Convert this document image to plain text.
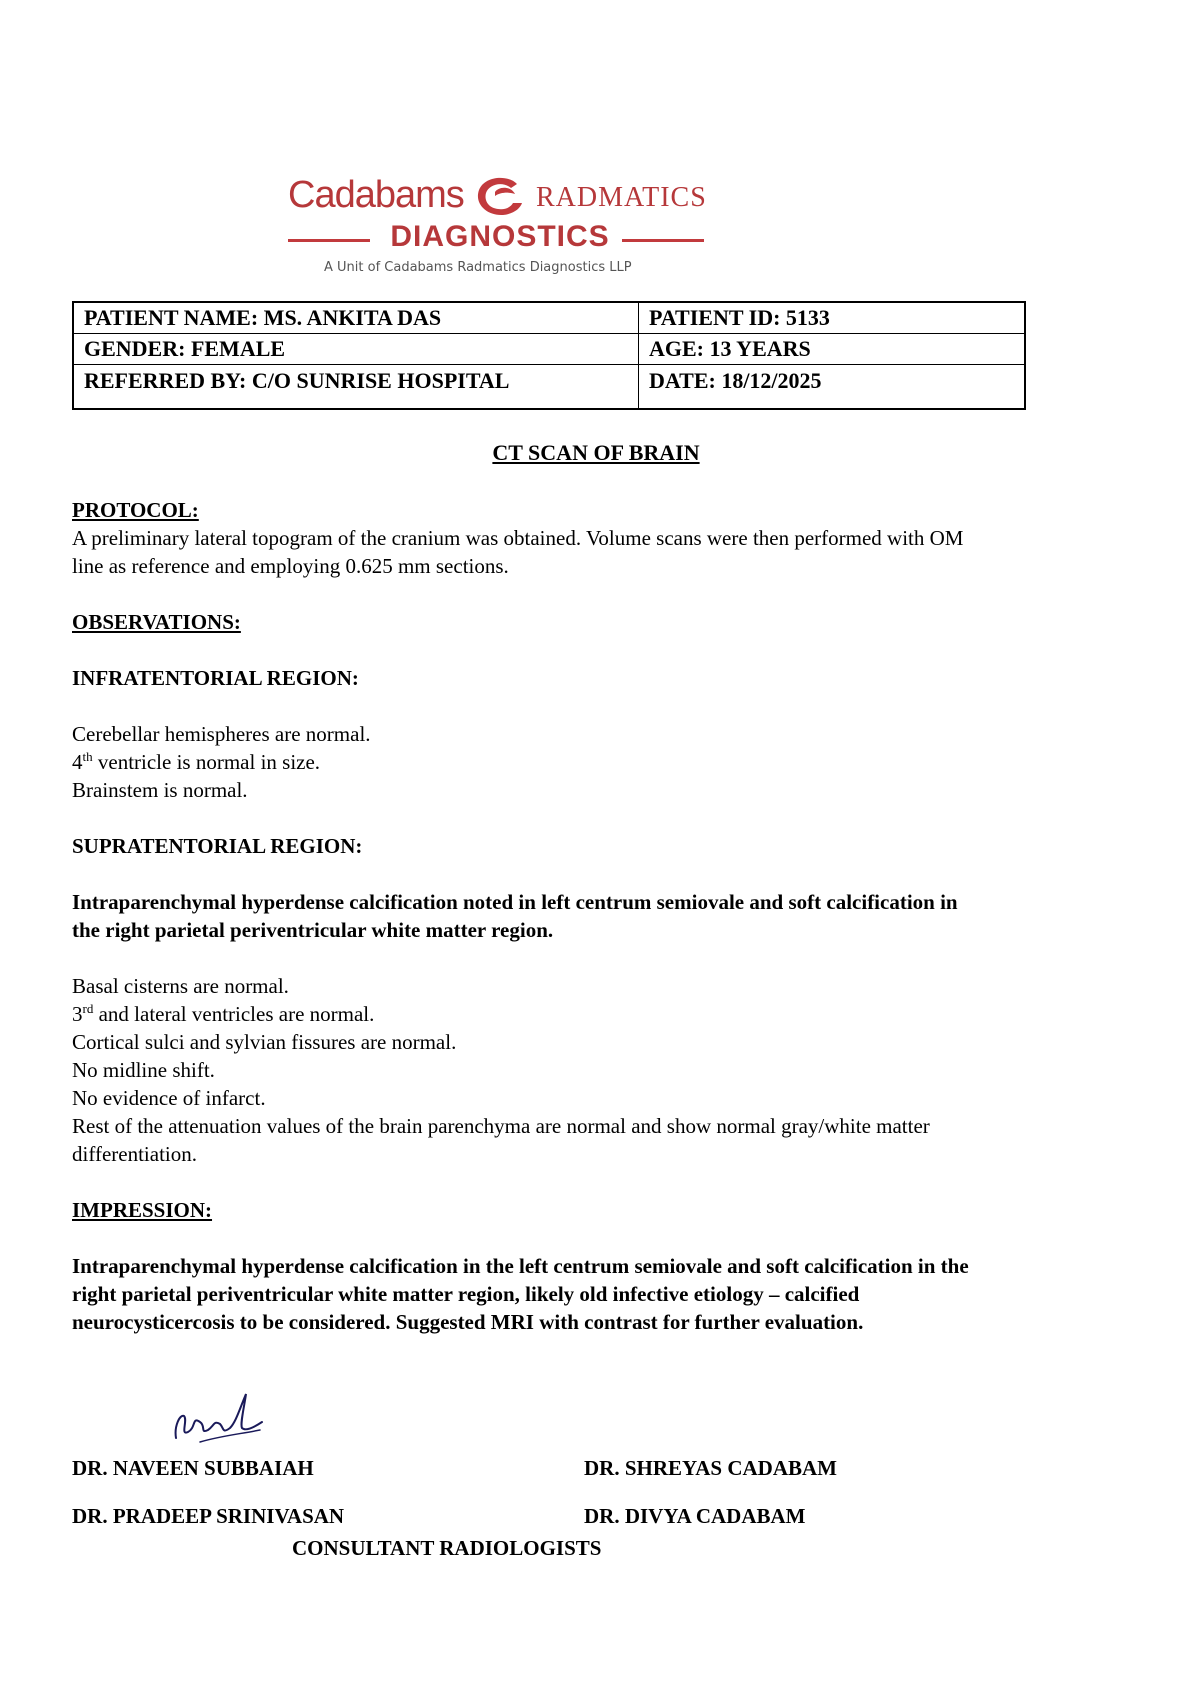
Cadabams	RADMATICS
DIAGNOSTICS
A Unit of Cadabams Radmatics Diagnostics LLP
PATIENT NAME: MS. ANKITA DAS	PATIENT ID: 5133
GENDER: FEMALE	AGE: 13 YEARS
REFERRED BY: C/O SUNRISE HOSPITAL	DATE: 18/12/2025
CT SCAN OF BRAIN
PROTOCOL:
A preliminary lateral topogram of the cranium was obtained. Volume scans were then performed with OM
line as reference and employing 0.625 mm sections.
OBSERVATIONS:
INFRATENTORIAL REGION:
Cerebellar hemispheres are normal.
4th ventricle is normal in size.
Brainstem is normal.
SUPRATENTORIAL REGION:
Intraparenchymal hyperdense calcification noted in left centrum semiovale and soft calcification in
the right parietal periventricular white matter region.
Basal cisterns are normal.
3rd and lateral ventricles are normal.
Cortical sulci and sylvian fissures are normal.
No midline shift.
No evidence of infarct.
Rest of the attenuation values of the brain parenchyma are normal and show normal gray/white matter
differentiation.
IMPRESSION:
Intraparenchymal hyperdense calcification in the left centrum semiovale and soft calcification in the
right parietal periventricular white matter region, likely old infective etiology – calcified
neurocysticercosis to be considered. Suggested MRI with contrast for further evaluation.
DR. NAVEEN SUBBAIAH	DR. SHREYAS CADABAM
DR. PRADEEP SRINIVASAN	DR. DIVYA CADABAM
CONSULTANT RADIOLOGISTS
